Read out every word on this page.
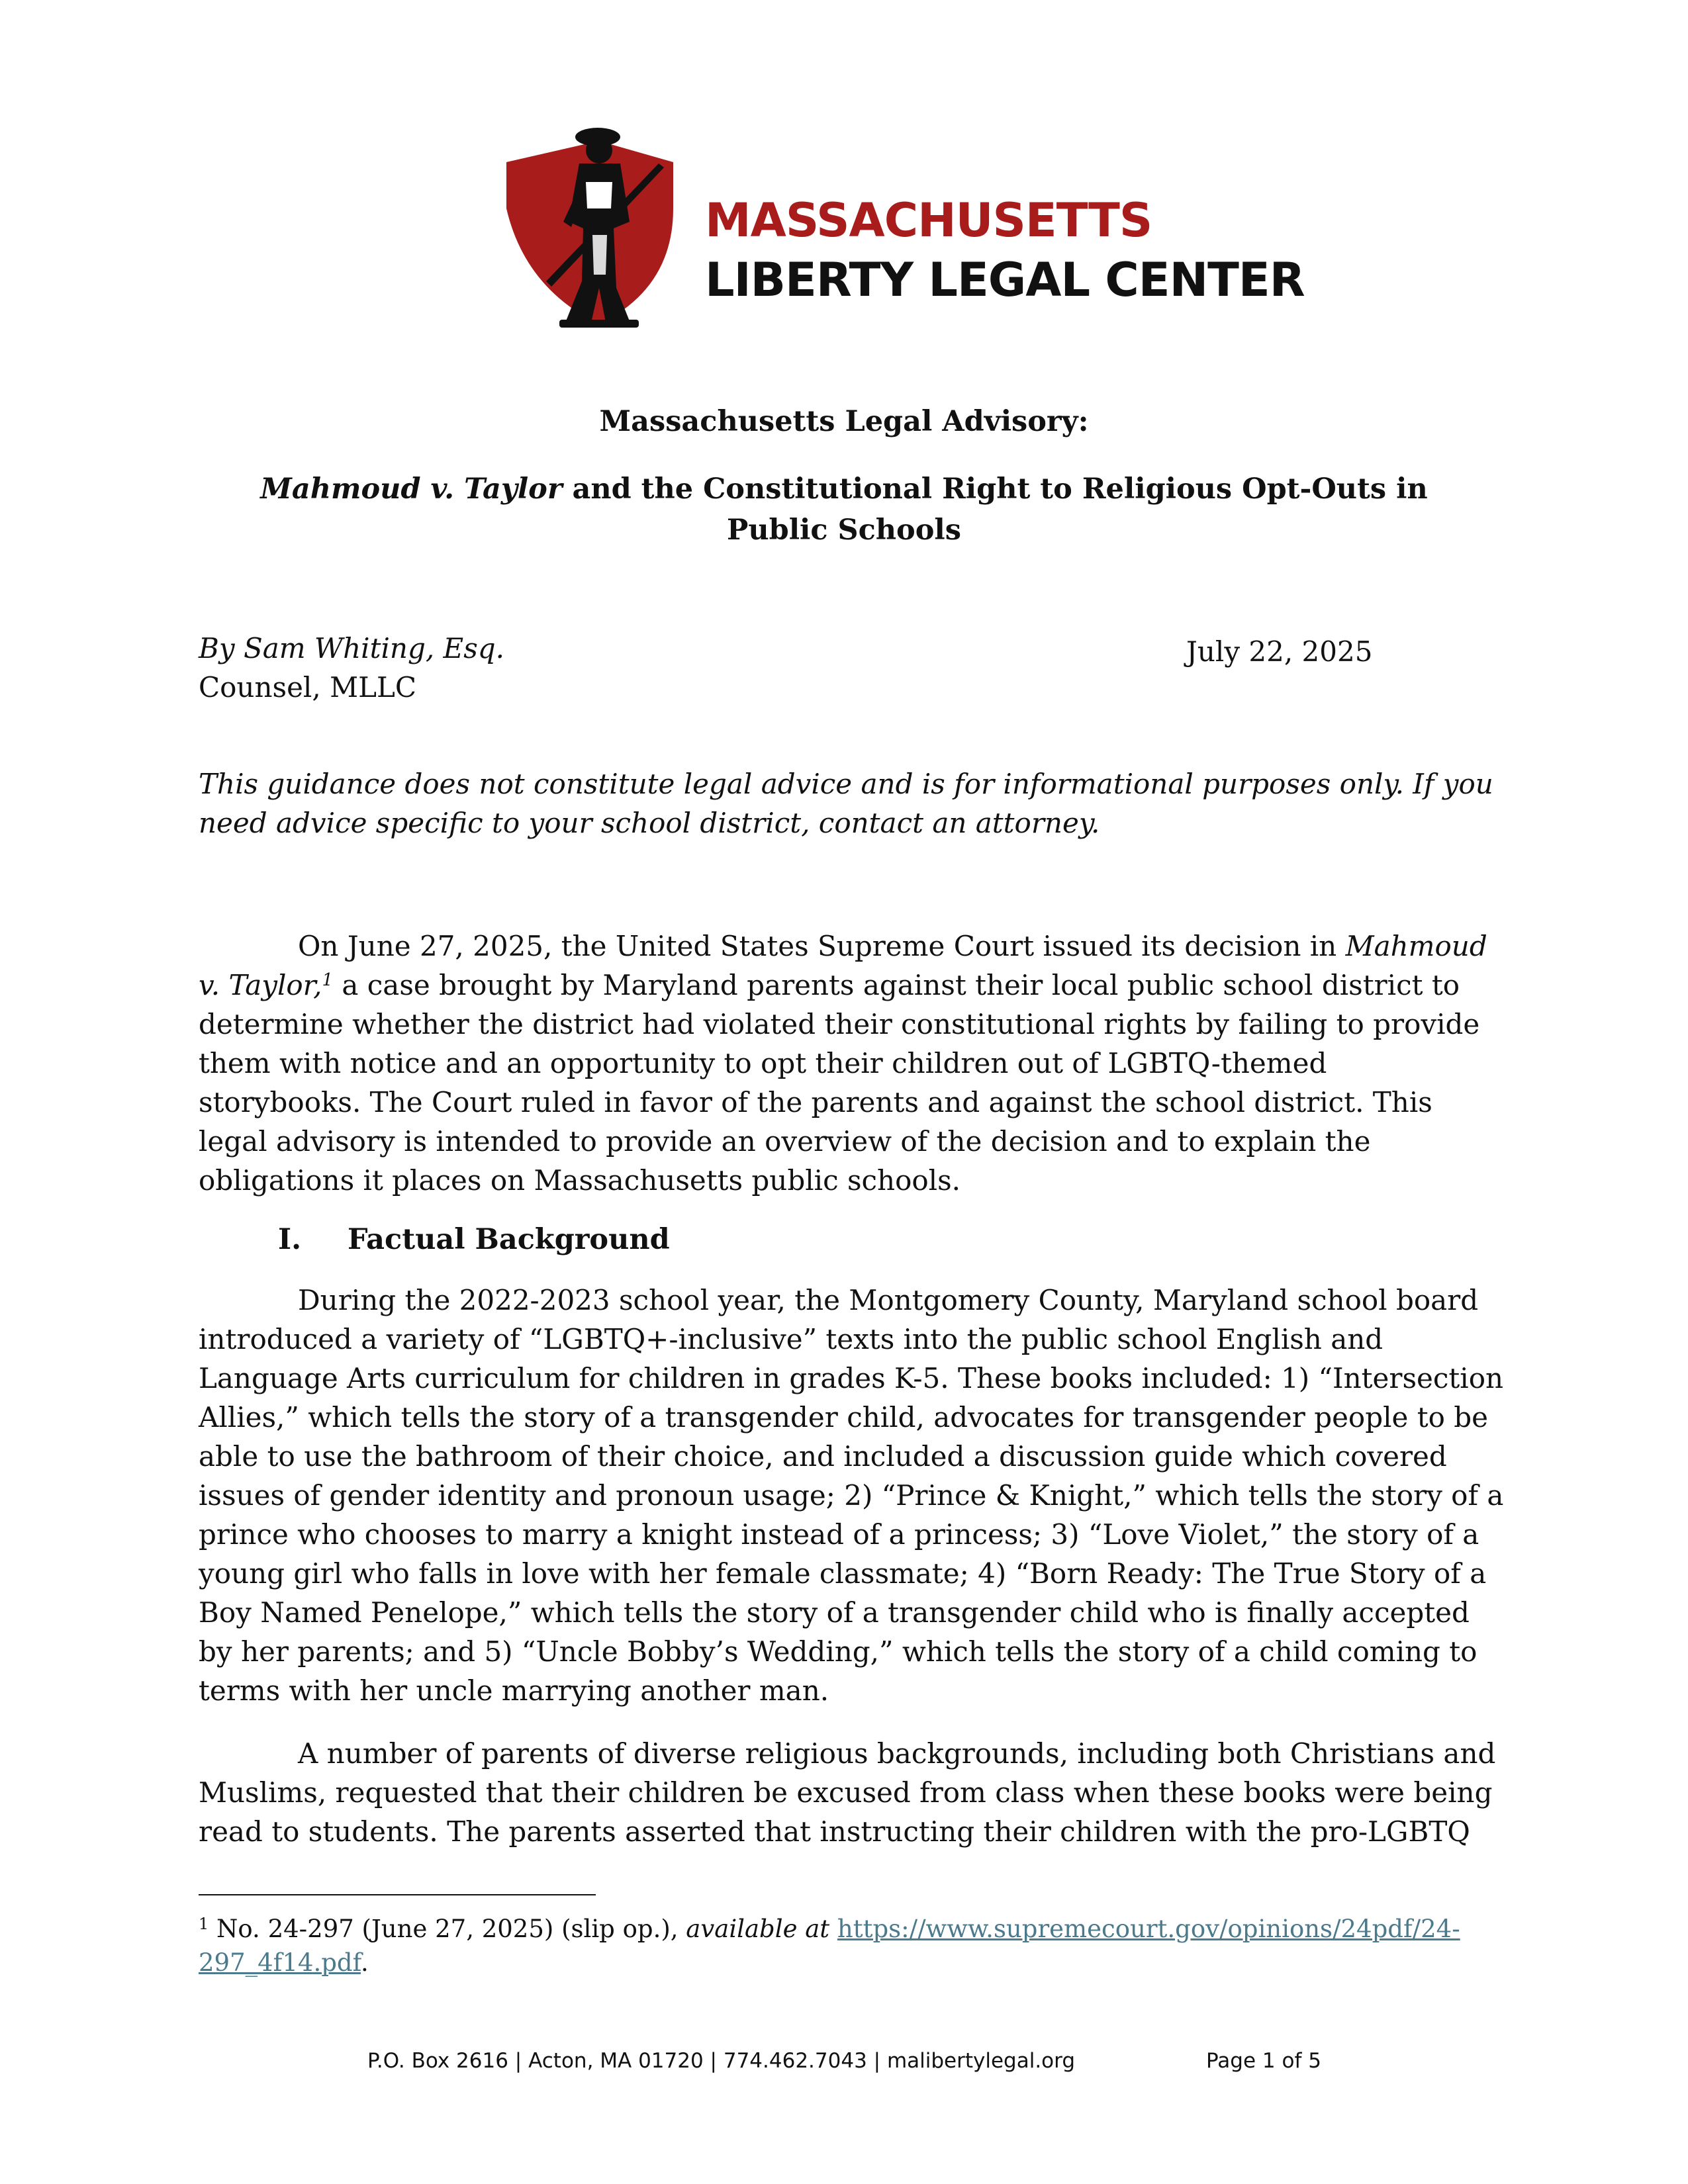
MASSACHUSETTS
LIBERTY LEGAL CENTER
Massachusetts Legal Advisory:
Mahmoud v. Taylor and the Constitutional Right to Religious Opt-Outs in
Public Schools
By Sam Whiting, Esq.
Counsel, MLLC
July 22, 2025
This guidance does not constitute legal advice and is for informational purposes only. If you
need advice specific to your school district, contact an attorney.
On June 27, 2025, the United States Supreme Court issued its decision in Mahmoud
v. Taylor,$^1$ a case brought by Maryland parents against their local public school district to
determine whether the district had violated their constitutional rights by failing to provide
them with notice and an opportunity to opt their children out of LGBTQ-themed
storybooks. The Court ruled in favor of the parents and against the school district. This
legal advisory is intended to provide an overview of the decision and to explain the
obligations it places on Massachusetts public schools.
I. Factual Background
During the 2022-2023 school year, the Montgomery County, Maryland school board
introduced a variety of “LGBTQ+-inclusive” texts into the public school English and
Language Arts curriculum for children in grades K-5. These books included: 1) “Intersection
Allies,” which tells the story of a transgender child, advocates for transgender people to be
able to use the bathroom of their choice, and included a discussion guide which covered
issues of gender identity and pronoun usage; 2) “Prince & Knight,” which tells the story of a
prince who chooses to marry a knight instead of a princess; 3) “Love Violet,” the story of a
young girl who falls in love with her female classmate; 4) “Born Ready: The True Story of a
Boy Named Penelope,” which tells the story of a transgender child who is finally accepted
by her parents; and 5) “Uncle Bobby’s Wedding,” which tells the story of a child coming to
terms with her uncle marrying another man.
A number of parents of diverse religious backgrounds, including both Christians and
Muslims, requested that their children be excused from class when these books were being
read to students. The parents asserted that instructing their children with the pro-LGBTQ
$^1$ No. 24-297 (June 27, 2025) (slip op.), available at https://www.supremecourt.gov/opinions/24pdf/24-
297_4f14.pdf.
P.O. Box 2616 | Acton, MA 01720 | 774.462.7043 | malibertylegal.org	Page 1 of 5
